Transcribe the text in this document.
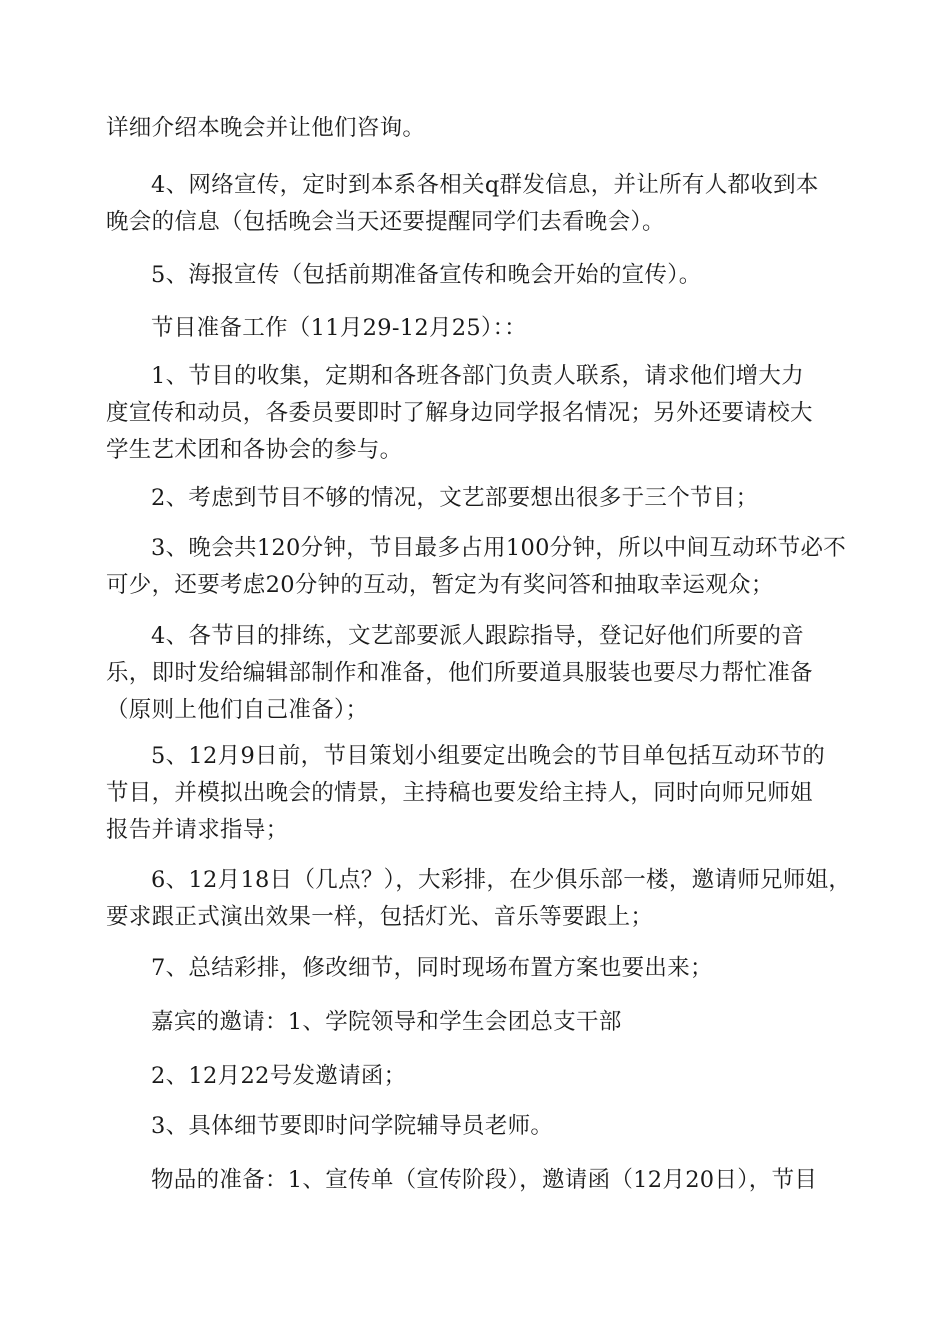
详细介绍本晚会并让他们咨询。
4、网络宣传，定时到本系各相关q群发信息，并让所有人都收到本
晚会的信息（包括晚会当天还要提醒同学们去看晚会）。
5、海报宣传（包括前期准备宣传和晚会开始的宣传）。
节目准备工作（11月29-12月25）：：
1、节目的收集，定期和各班各部门负责人联系，请求他们增大力
度宣传和动员，各委员要即时了解身边同学报名情况；另外还要请校大
学生艺术团和各协会的参与。
2、考虑到节目不够的情况，文艺部要想出很多于三个节目；
3、晚会共120分钟，节目最多占用100分钟，所以中间互动环节必不
可少，还要考虑20分钟的互动，暂定为有奖问答和抽取幸运观众；
4、各节目的排练，文艺部要派人跟踪指导，登记好他们所要的音
乐，即时发给编辑部制作和准备，他们所要道具服装也要尽力帮忙准备
（原则上他们自己准备）；
5、12月9日前，节目策划小组要定出晚会的节目单包括互动环节的
节目，并模拟出晚会的情景，主持稿也要发给主持人，同时向师兄师姐
报告并请求指导；
6、12月18日（几点？），大彩排，在少俱乐部一楼，邀请师兄师姐，
要求跟正式演出效果一样，包括灯光、音乐等要跟上；
7、总结彩排，修改细节，同时现场布置方案也要出来；
嘉宾的邀请：1、学院领导和学生会团总支干部
2、12月22号发邀请函；
3、具体细节要即时问学院辅导员老师。
物品的准备：1、宣传单（宣传阶段），邀请函（12月20日），节目
